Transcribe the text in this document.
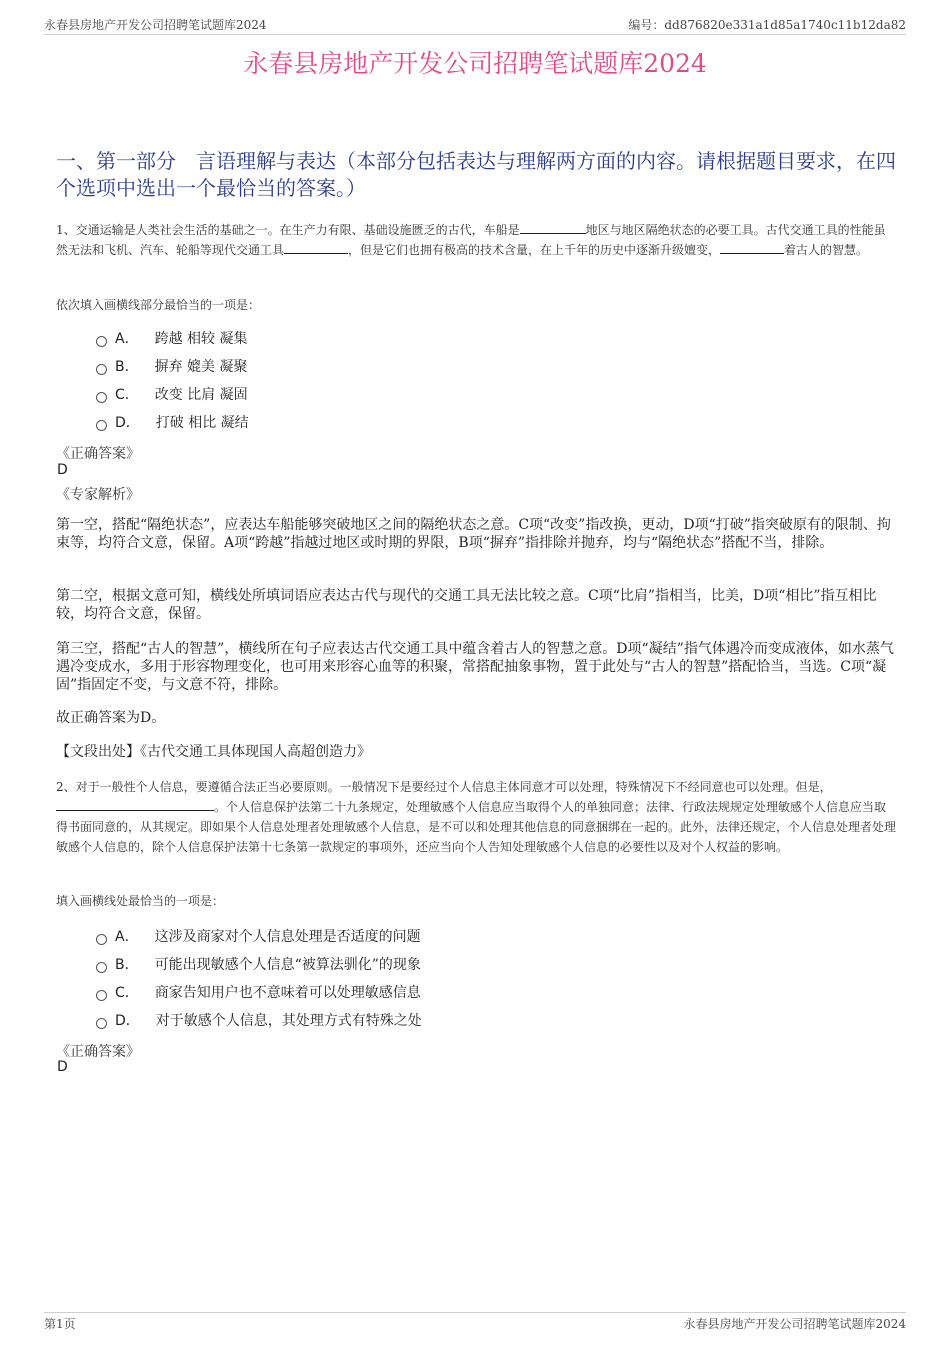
永春县房地产开发公司招聘笔试题库2024	编号：dd876820e331a1d85a1740c11b12da82
永春县房地产开发公司招聘笔试题库2024
一、第一部分　言语理解与表达（本部分包括表达与理解两方面的内容。请根据题目要求，在四个选项中选出一个最恰当的答案。）
1、交通运输是人类社会生活的基础之一。在生产力有限、基础设施匮乏的古代，车船是	地区与地区隔绝状态的必要工具。古代交通工具的性能虽然无法和飞机、汽车、轮船等现代交通工具	，但是它们也拥有极高的技术含量，在上千年的历史中逐渐升级嬗变，	着古人的智慧。
依次填入画横线部分最恰当的一项是：
A． 跨越 相较 凝集
B． 摒弃 媲美 凝聚
C． 改变 比肩 凝固
D． 打破 相比 凝结
《正确答案》
D
《专家解析》
第一空，搭配“隔绝状态”，应表达车船能够突破地区之间的隔绝状态之意。C项“改变”指改换，更动，D项“打破”指突破原有的限制、拘束等，均符合文意，保留。A项“跨越”指越过地区或时期的界限，B项“摒弃”指排除并抛弃，均与“隔绝状态”搭配不当，排除。
第二空，根据文意可知，横线处所填词语应表达古代与现代的交通工具无法比较之意。C项“比肩”指相当，比美，D项“相比”指互相比较，均符合文意，保留。
第三空，搭配“古人的智慧”，横线所在句子应表达古代交通工具中蕴含着古人的智慧之意。D项“凝结”指气体遇冷而变成液体，如水蒸气遇冷变成水，多用于形容物理变化，也可用来形容心血等的积聚，常搭配抽象事物，置于此处与“古人的智慧”搭配恰当，当选。C项“凝固”指固定不变，与文意不符，排除。
故正确答案为D。
【文段出处】《古代交通工具体现国人高超创造力》
2、对于一般性个人信息，要遵循合法正当必要原则。一般情况下是要经过个人信息主体同意才可以处理，特殊情况下不经同意也可以处理。但是，。个人信息保护法第二十九条规定，处理敏感个人信息应当取得个人的单独同意；法律、行政法规规定处理敏感个人信息应当取得书面同意的，从其规定。即如果个人信息处理者处理敏感个人信息，是不可以和处理其他信息的同意捆绑在一起的。此外，法律还规定，个人信息处理者处理敏感个人信息的，除个人信息保护法第十七条第一款规定的事项外，还应当向个人告知处理敏感个人信息的必要性以及对个人权益的影响。
填入画横线处最恰当的一项是：
A． 这涉及商家对个人信息处理是否适度的问题
B． 可能出现敏感个人信息“被算法驯化”的现象
C． 商家告知用户也不意味着可以处理敏感信息
D． 对于敏感个人信息，其处理方式有特殊之处
《正确答案》
D
第1页	永春县房地产开发公司招聘笔试题库2024
